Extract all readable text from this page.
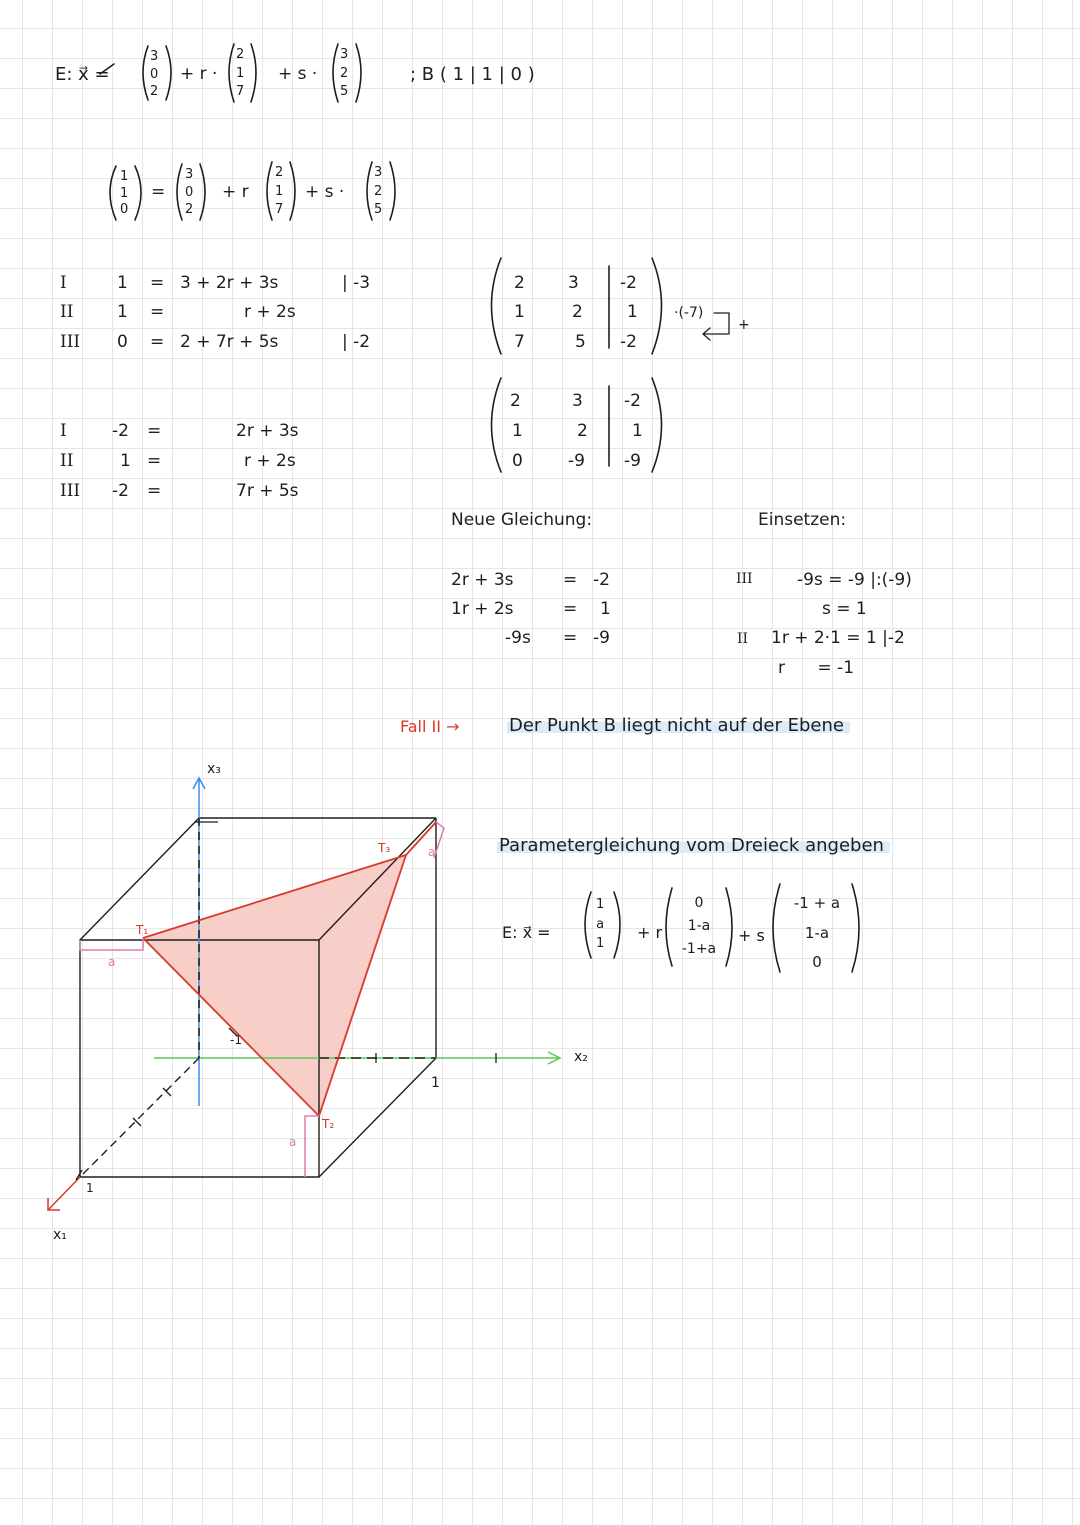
E: x⃗ =
3
0
2
+ r ·
2
1
7
+ s ·
3
2
5
; B ( 1 | 1 | 0 )
1
1
0
=
3
0
2
+ r
2
1
7
+ s ·
3
2
5
I	1 = 3 + 2r + 3s	| -3
II	1 =	r + 2s
III 0 = 2 + 7r + 5s	| -2
I	-2 =	2r + 3s
II	1 =	r + 2s
III -2 =	7r + 5s
2	3 -2
1	2	1
7	5 -2
·(-7)
+
2	3 -2
1	2	1
0	-9 -9
Neue Gleichung:
2r + 3s	= -2
1r + 2s	= 1
-9s = -9
Einsetzen:
III	-9s = -9 |:(-9)
s = 1
II 1r + 2·1 = 1 |-2
r      = -1
Fall II →	Der Punkt B liegt nicht auf der Ebene
Parametergleichung vom Dreieck angeben
E: x⃗ =
1
a
1
+ r
0
1-a
-1+a
+ s
-1 + a
1-a
0
x₃
x₂
x₁
1
1
-1
T₁
T₂
T₃
a
a
a
